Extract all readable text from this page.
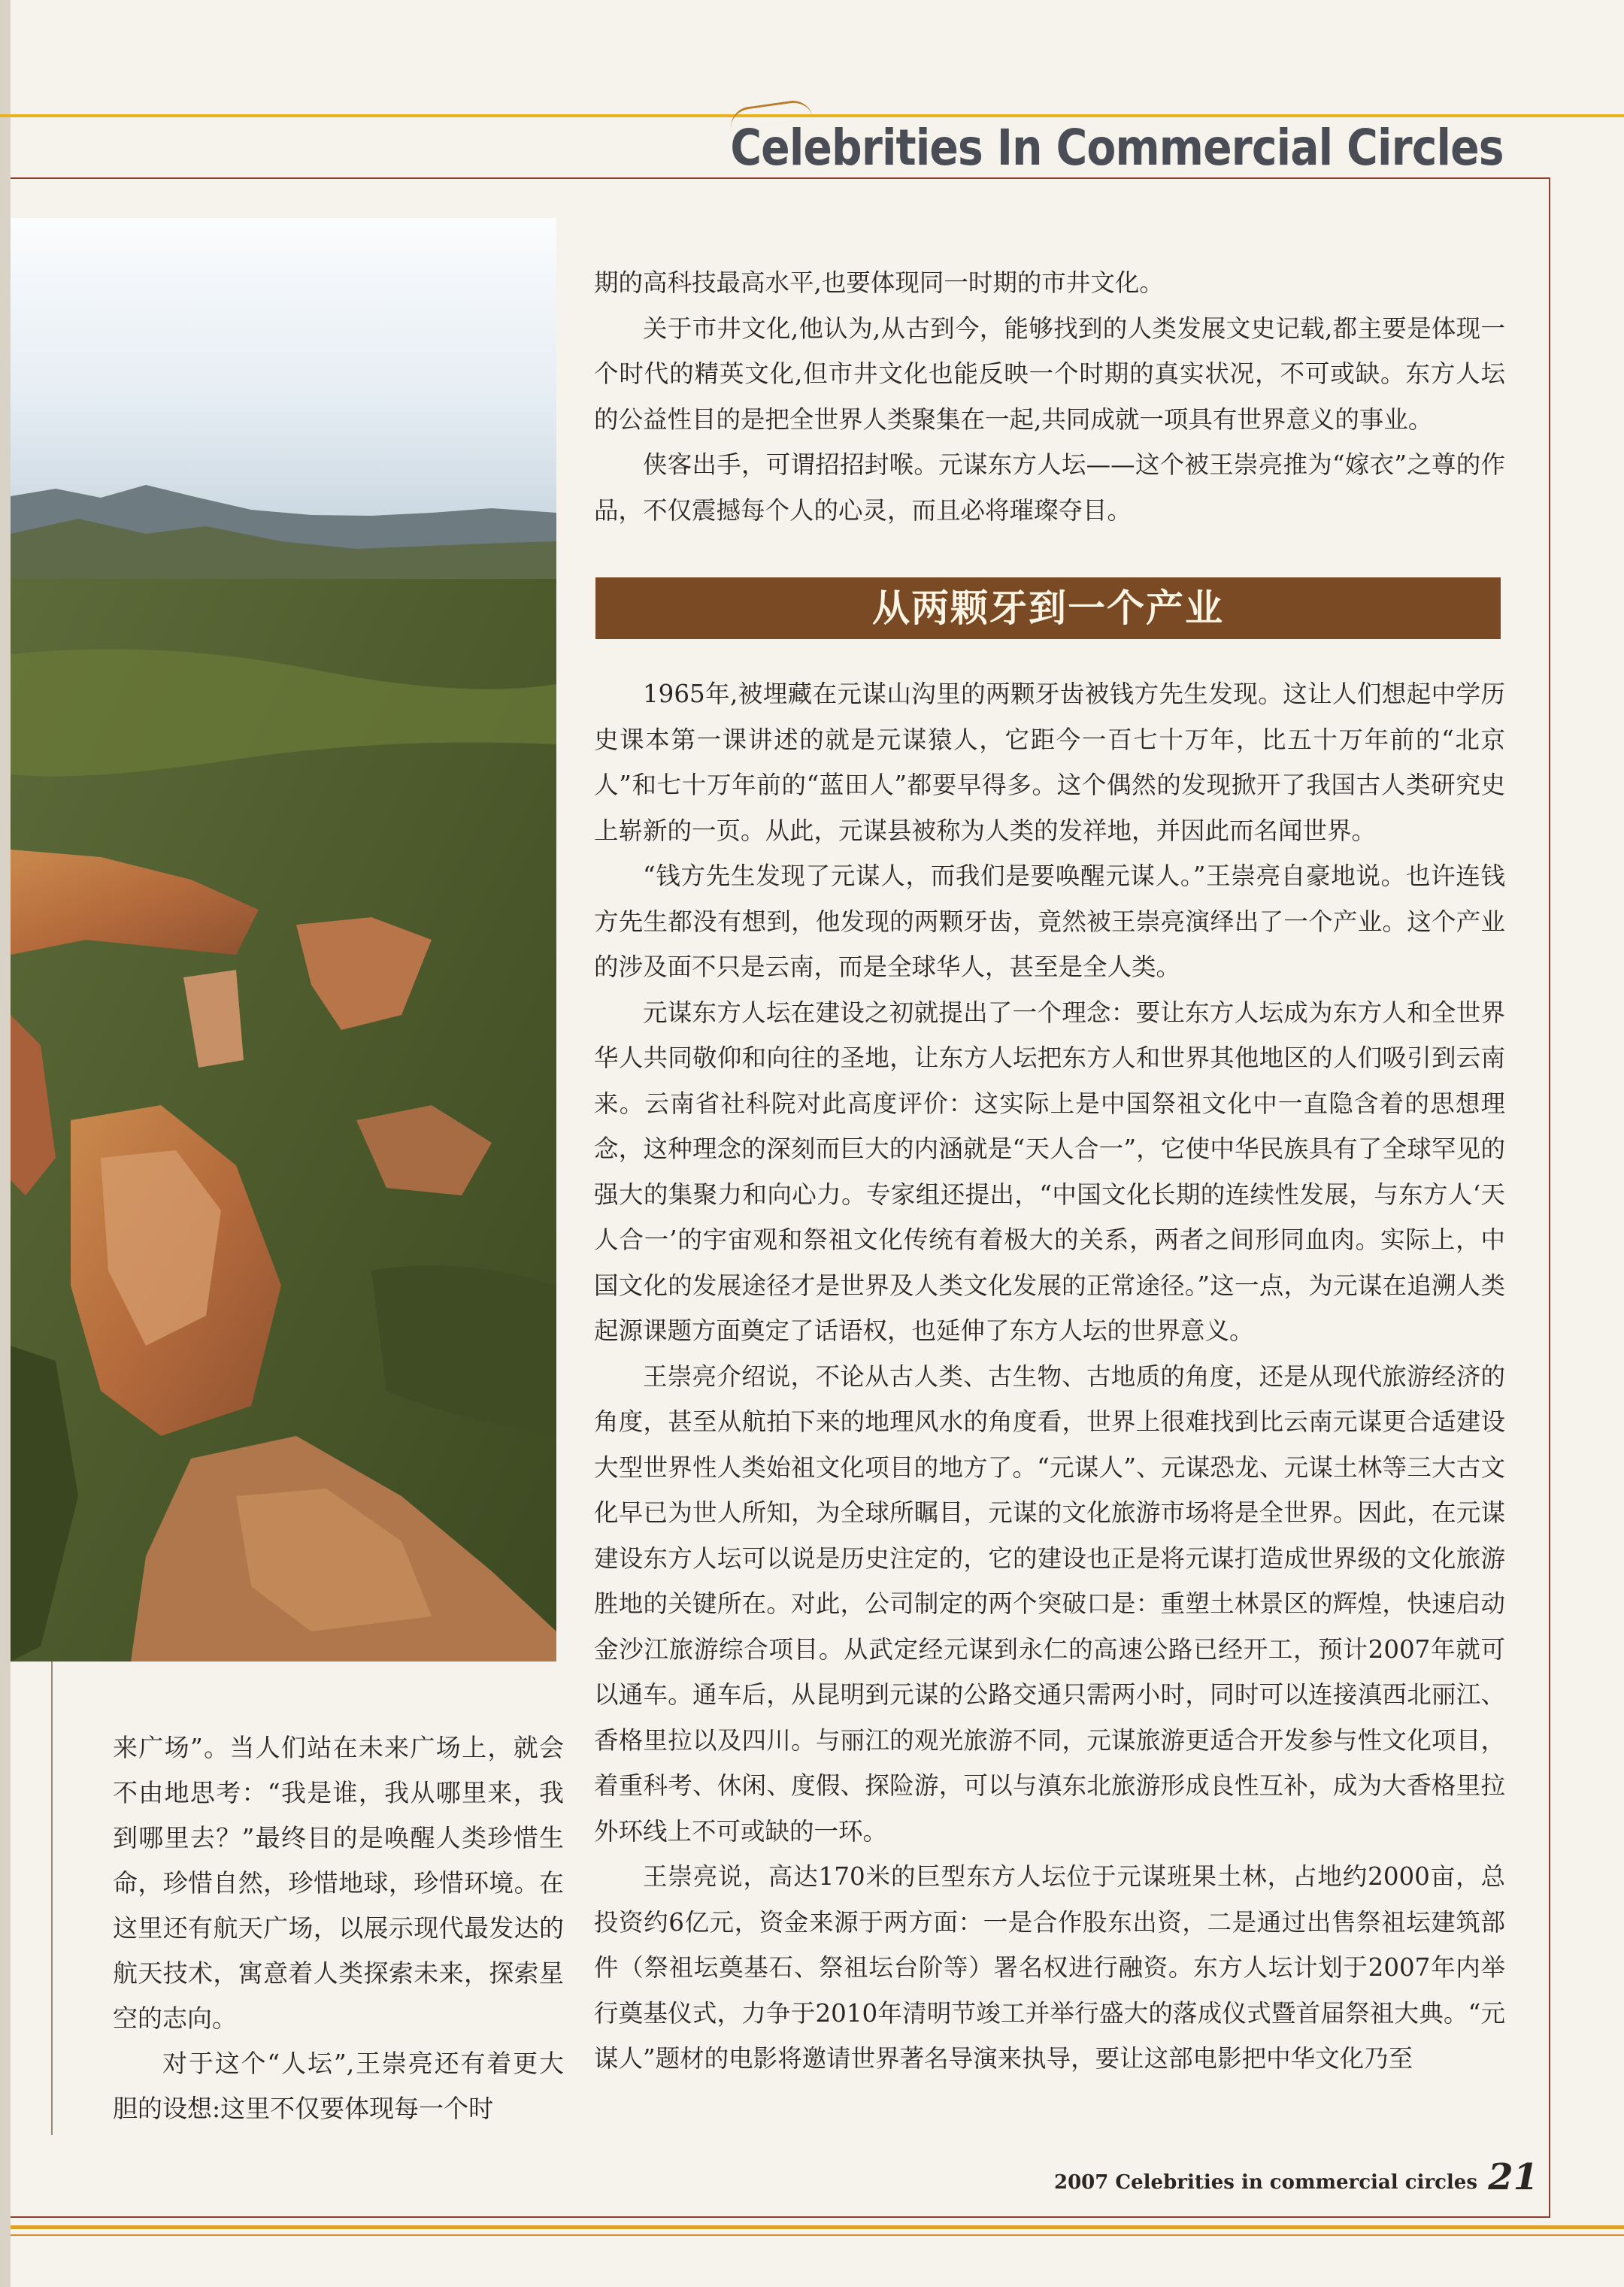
Celebrities In Commercial Circles

来广场”。当人们站在未来广场上，就会不由地思考：“我是谁，我从哪里来，我到哪里去？”最终目的是唤醒人类珍惜生命，珍惜自然，珍惜地球，珍惜环境。在这里还有航天广场，以展示现代最发达的航天技术，寓意着人类探索未来，探索星空的志向。

对于这个“人坛”,王崇亮还有着更大胆的设想:这里不仅要体现每一个时

期的高科技最高水平,也要体现同一时期的市井文化。

关于市井文化,他认为,从古到今，能够找到的人类发展文史记载,都主要是体现一个时代的精英文化,但市井文化也能反映一个时期的真实状况，不可或缺。东方人坛的公益性目的是把全世界人类聚集在一起,共同成就一项具有世界意义的事业。

侠客出手，可谓招招封喉。元谋东方人坛——这个被王崇亮推为“嫁衣”之尊的作品，不仅震撼每个人的心灵，而且必将璀璨夺目。

从两颗牙到一个产业

1965年,被埋藏在元谋山沟里的两颗牙齿被钱方先生发现。这让人们想起中学历史课本第一课讲述的就是元谋猿人，它距今一百七十万年，比五十万年前的“北京人”和七十万年前的“蓝田人”都要早得多。这个偶然的发现掀开了我国古人类研究史上崭新的一页。从此，元谋县被称为人类的发祥地，并因此而名闻世界。

“钱方先生发现了元谋人，而我们是要唤醒元谋人。”王崇亮自豪地说。也许连钱方先生都没有想到，他发现的两颗牙齿，竟然被王崇亮演绎出了一个产业。这个产业的涉及面不只是云南，而是全球华人，甚至是全人类。

元谋东方人坛在建设之初就提出了一个理念：要让东方人坛成为东方人和全世界华人共同敬仰和向往的圣地，让东方人坛把东方人和世界其他地区的人们吸引到云南来。云南省社科院对此高度评价：这实际上是中国祭祖文化中一直隐含着的思想理念，这种理念的深刻而巨大的内涵就是“天人合一”，它使中华民族具有了全球罕见的强大的集聚力和向心力。专家组还提出，“中国文化长期的连续性发展，与东方人‘天人合一’的宇宙观和祭祖文化传统有着极大的关系，两者之间形同血肉。实际上，中国文化的发展途径才是世界及人类文化发展的正常途径。”这一点，为元谋在追溯人类起源课题方面奠定了话语权，也延伸了东方人坛的世界意义。

王崇亮介绍说，不论从古人类、古生物、古地质的角度，还是从现代旅游经济的角度，甚至从航拍下来的地理风水的角度看，世界上很难找到比云南元谋更合适建设大型世界性人类始祖文化项目的地方了。“元谋人”、元谋恐龙、元谋土林等三大古文化早已为世人所知，为全球所瞩目，元谋的文化旅游市场将是全世界。因此，在元谋建设东方人坛可以说是历史注定的，它的建设也正是将元谋打造成世界级的文化旅游胜地的关键所在。对此，公司制定的两个突破口是：重塑土林景区的辉煌，快速启动金沙江旅游综合项目。从武定经元谋到永仁的高速公路已经开工，预计2007年就可以通车。通车后，从昆明到元谋的公路交通只需两小时，同时可以连接滇西北丽江、香格里拉以及四川。与丽江的观光旅游不同，元谋旅游更适合开发参与性文化项目，着重科考、休闲、度假、探险游，可以与滇东北旅游形成良性互补，成为大香格里拉外环线上不可或缺的一环。

王崇亮说，高达170米的巨型东方人坛位于元谋班果土林，占地约2000亩，总投资约6亿元，资金来源于两方面：一是合作股东出资，二是通过出售祭祖坛建筑部件（祭祖坛奠基石、祭祖坛台阶等）署名权进行融资。东方人坛计划于2007年内举行奠基仪式，力争于2010年清明节竣工并举行盛大的落成仪式暨首届祭祖大典。“元谋人”题材的电影将邀请世界著名导演来执导，要让这部电影把中华文化乃至

2007 Celebrities in commercial circles 21
